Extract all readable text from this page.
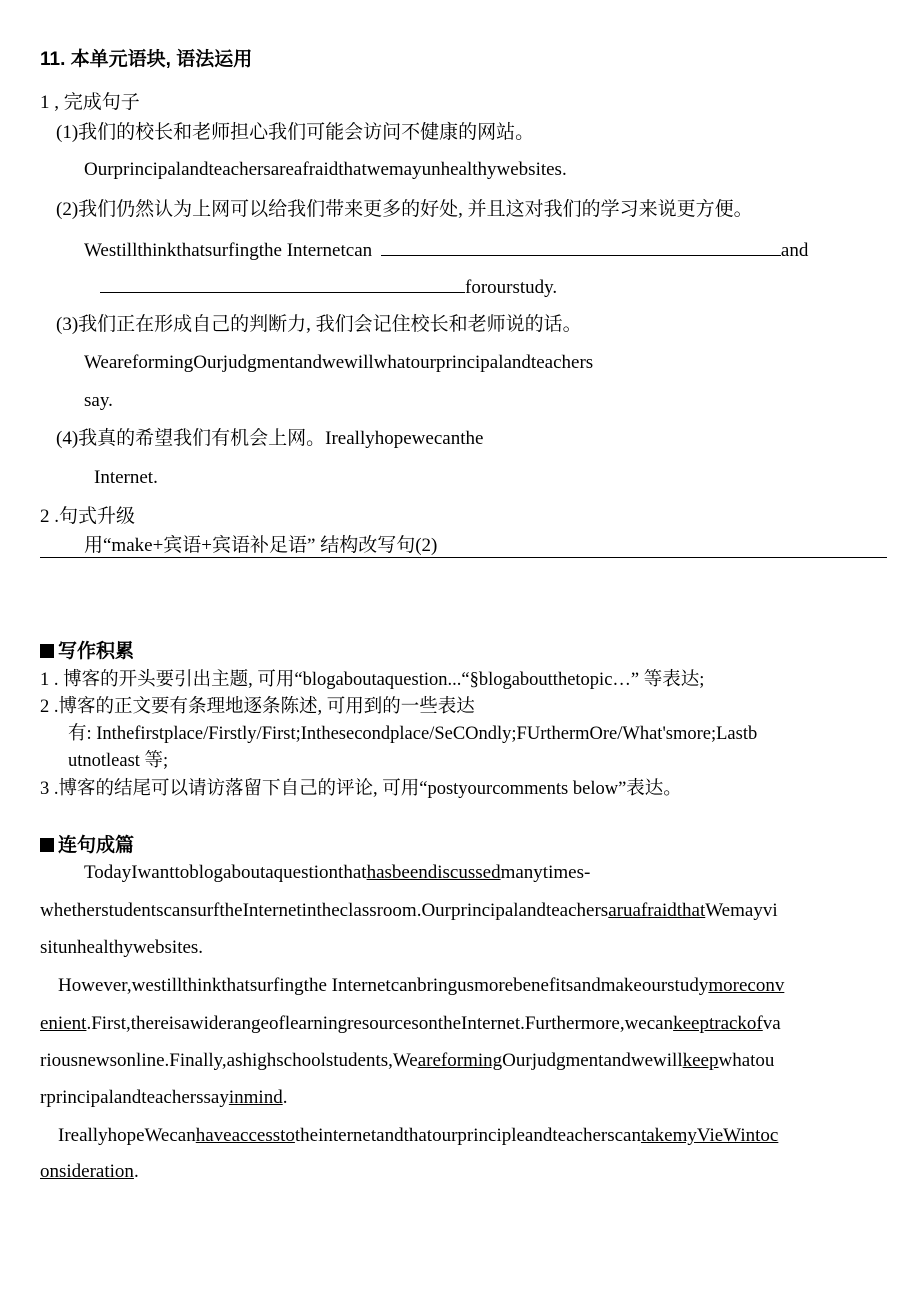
11. 本单元语块, 语法运用
1 , 完成句子
(1)我们的校长和老师担心我们可能会访问不健康的网站。
Ourprincipalandteachersareafraidthatwemayunhealthywebsites.
(2)我们仍然认为上网可以给我们带来更多的好处, 并且这对我们的学习来说更方便。
Westillthinkthatsurfingthe Internetcan	and
forourstudy.
(3)我们正在形成自己的判断力, 我们会记住校长和老师说的话。
WeareformingOurjudgmentandwewillwhatourprincipalandteachers
say.
(4)我真的希望我们有机会上网。Ireallyhopewecanthe
Internet.
2 .句式升级
用“make+宾语+宾语补足语” 结构改写句(2)
写作积累
1 . 博客的开头要引出主题, 可用“blogaboutaquestion...“§blogaboutthetopic…” 等表达;
2 .博客的正文要有条理地逐条陈述, 可用到的一些表达
有: Inthefirstplace/Firstly/First;Inthesecondplace/SeCOndly;FUrthermOre/What'smore;Lastb
utnotleast 等;
3 .博客的结尾可以请访落留下自己的评论, 可用“postyourcomments below”表达。
连句成篇
TodayIwanttoblogaboutaquestionthathasbeendiscussedmanytimes-
whetherstudentscansurftheInternetintheclassroom.OurprincipalandteachersaruafraidthatWemayvi
situnhealthywebsites.
However,westillthinkthatsurfingthe Internetcanbringusmorebenefitsandmakeourstudymoreconv
enient.First,thereisawiderangeoflearningresourcesontheInternet.Furthermore,wecankeeptrackofva
riousnewsonline.Finally,ashighschoolstudents,WeareformingOurjudgmentandwewillkeepwhatou
rprincipalandteacherssayinmind.
IreallyhopeWecanhaveaccesstotheinternetandthatourprincipleandteacherscantakemyVieWintoc
onsideration.
